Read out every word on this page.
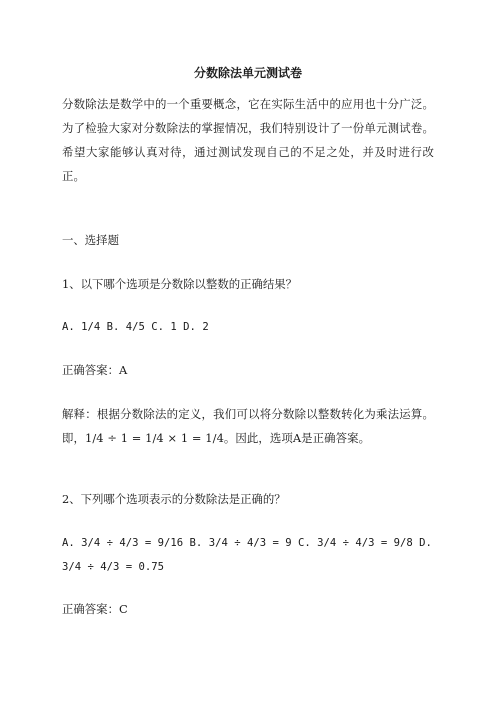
分数除法单元测试卷
分数除法是数学中的一个重要概念，它在实际生活中的应用也十分广泛。为了检验大家对分数除法的掌握情况，我们特别设计了一份单元测试卷。希望大家能够认真对待，通过测试发现自己的不足之处，并及时进行改正。
一、选择题
1、以下哪个选项是分数除以整数的正确结果？
A. 1/4 B. 4/5 C. 1 D. 2
正确答案：A
解释：根据分数除法的定义，我们可以将分数除以整数转化为乘法运算。即，1/4 ÷ 1 = 1/4 × 1 = 1/4。因此，选项A是正确答案。
2、下列哪个选项表示的分数除法是正确的？
A. 3/4 ÷ 4/3 = 9/16 B. 3/4 ÷ 4/3 = 9 C. 3/4 ÷ 4/3 = 9/8 D.
3/4 ÷ 4/3 = 0.75
正确答案：C
